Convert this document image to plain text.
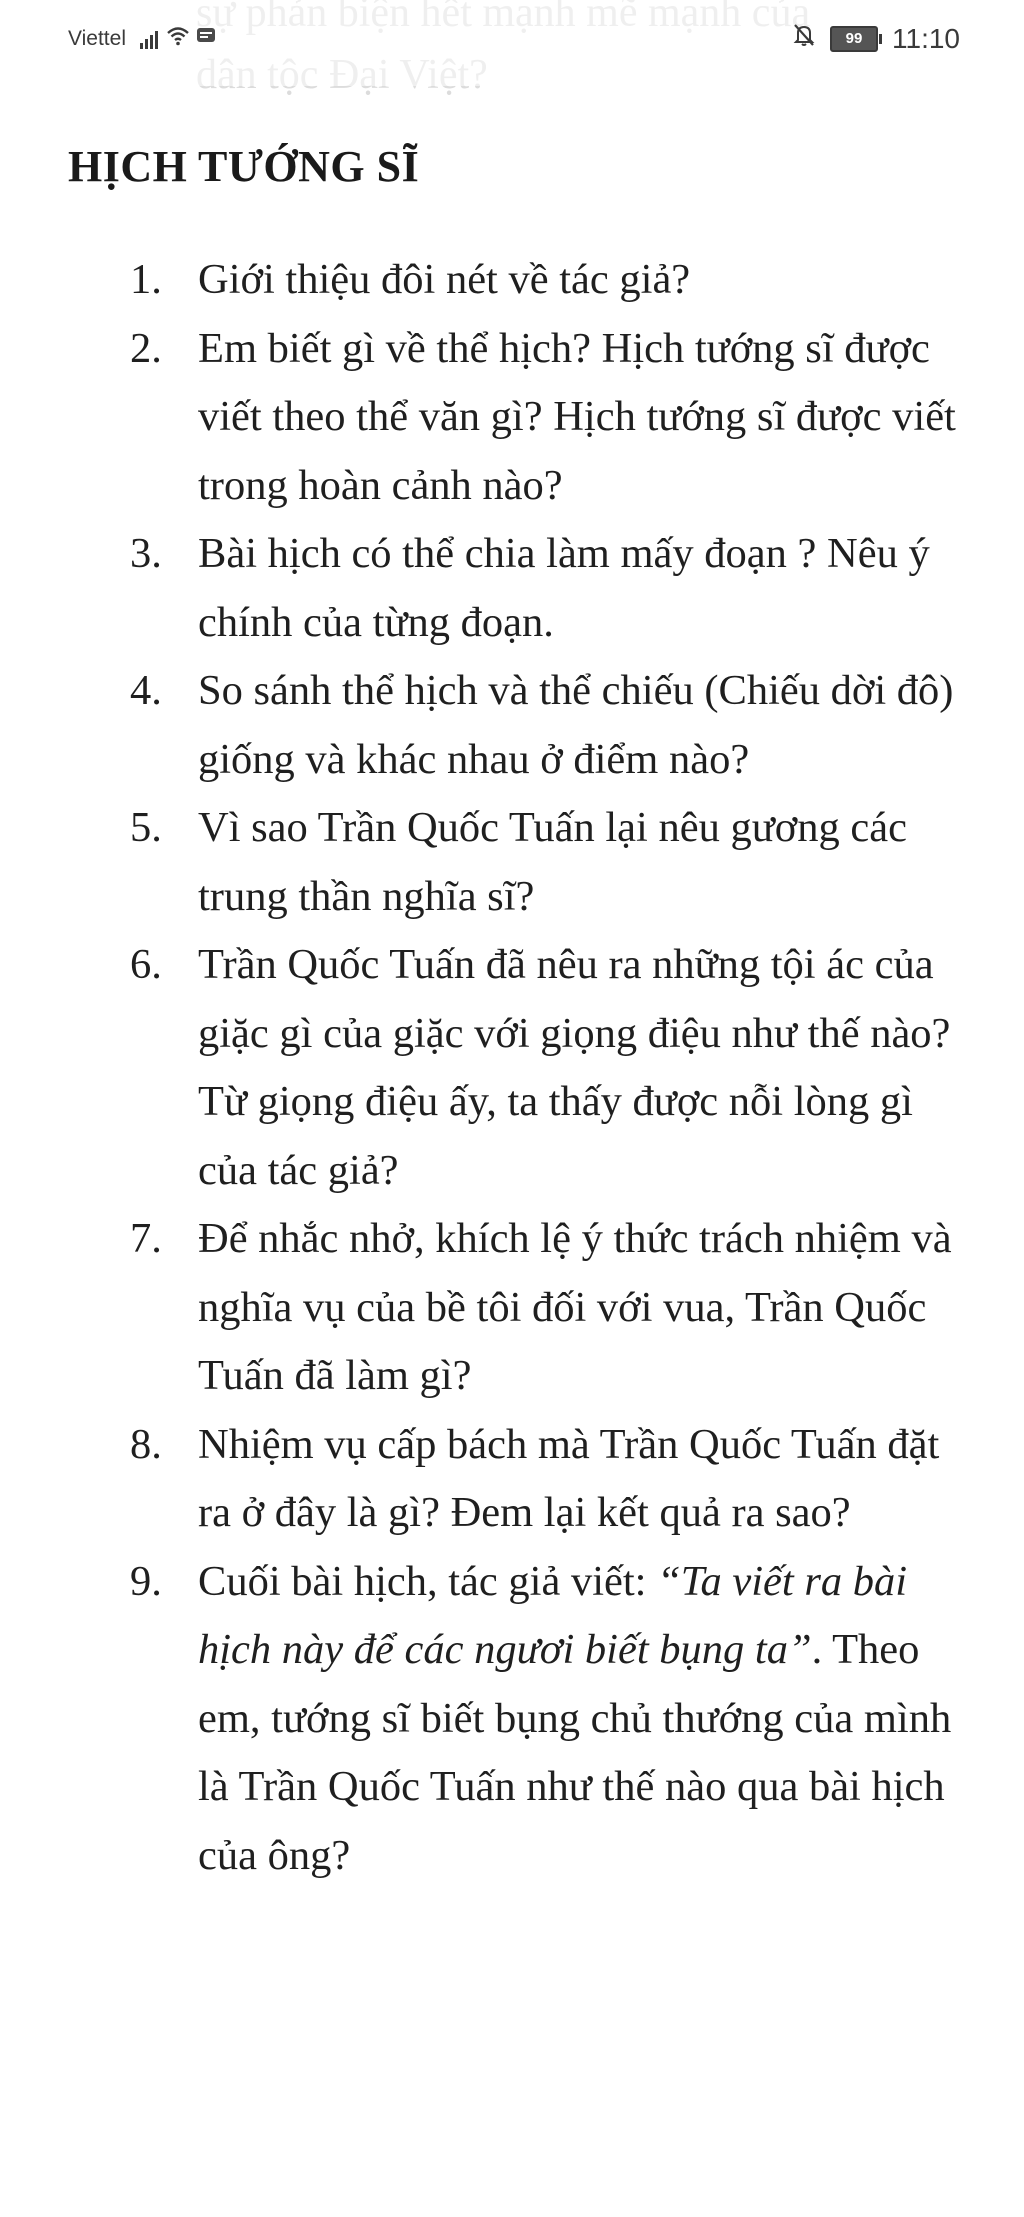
Viettel	99	11:10
HỊCH TƯỚNG SĨ
1. Giới thiệu đôi nét về tác giả?
2. Em biết gì về thể hịch? Hịch tướng sĩ được viết theo thể văn gì? Hịch tướng sĩ được viết trong hoàn cảnh nào?
3. Bài hịch có thể chia làm mấy đoạn ? Nêu ý chính của từng đoạn.
4. So sánh thể hịch và thể chiếu (Chiếu dời đô) giống và khác nhau ở điểm nào?
5. Vì sao Trần Quốc Tuấn lại nêu gương các trung thần nghĩa sĩ?
6. Trần Quốc Tuấn đã nêu ra những tội ác của giặc gì của giặc với giọng điệu như thế nào? Từ giọng điệu ấy, ta thấy được nỗi lòng gì của tác giả?
7. Để nhắc nhở, khích lệ ý thức trách nhiệm và nghĩa vụ của bề tôi đối với vua, Trần Quốc Tuấn đã làm gì?
8. Nhiệm vụ cấp bách mà Trần Quốc Tuấn đặt ra ở đây là gì? Đem lại kết quả ra sao?
9. Cuối bài hịch, tác giả viết: “Ta viết ra bài hịch này để các ngươi biết bụng ta”. Theo em, tướng sĩ biết bụng chủ thướng của mình là Trần Quốc Tuấn như thế nào qua bài hịch của ông?
